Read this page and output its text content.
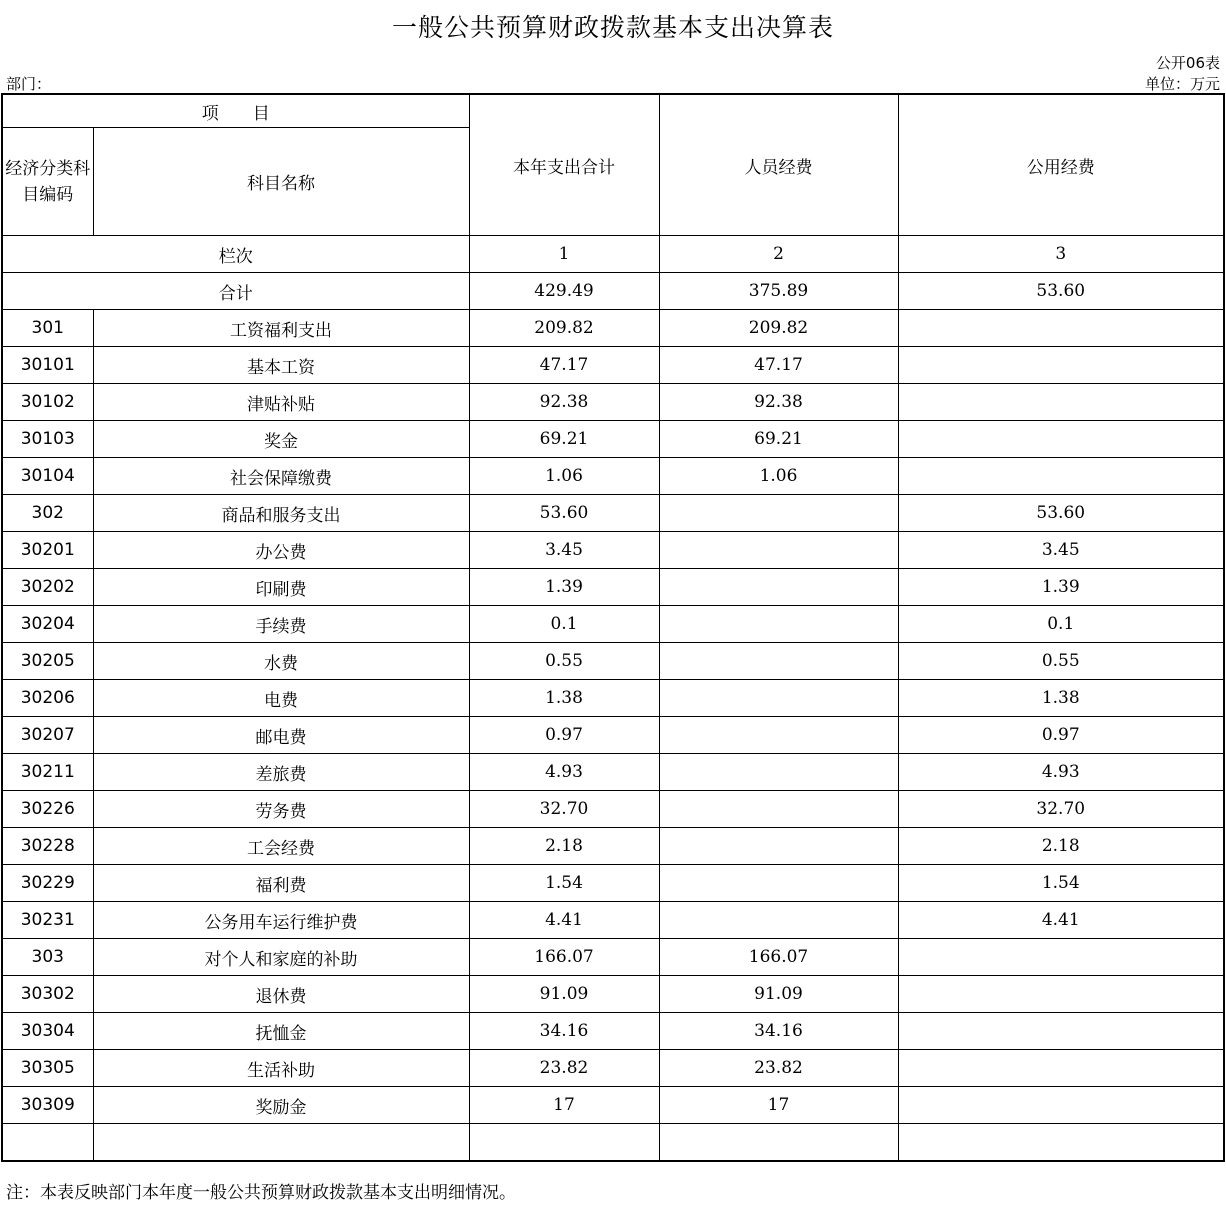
一般公共预算财政拨款基本支出决算表
公开06表
部门：	单位：万元
项　　目		本年支出合计	人员经费	公用经费
经济分类科目编码	科目名称			
栏次		1	2	3
合计		429.49	375.89	53.60
301	工资福利支出	209.82	209.82	
30101	基本工资	47.17	47.17	
30102	津贴补贴	92.38	92.38	
30103	奖金	69.21	69.21	
30104	社会保障缴费	1.06	1.06	
302	商品和服务支出	53.60		53.60
30201	办公费	3.45		3.45
30202	印刷费	1.39		1.39
30204	手续费	0.1		0.1
30205	水费	0.55		0.55
30206	电费	1.38		1.38
30207	邮电费	0.97		0.97
30211	差旅费	4.93		4.93
30226	劳务费	32.70		32.70
30228	工会经费	2.18		2.18
30229	福利费	1.54		1.54
30231	公务用车运行维护费	4.41		4.41
303	对个人和家庭的补助	166.07	166.07	
30302	退休费	91.09	91.09	
30304	抚恤金	34.16	34.16	
30305	生活补助	23.82	23.82	
30309	奖励金	17	17	

注：本表反映部门本年度一般公共预算财政拨款基本支出明细情况。
